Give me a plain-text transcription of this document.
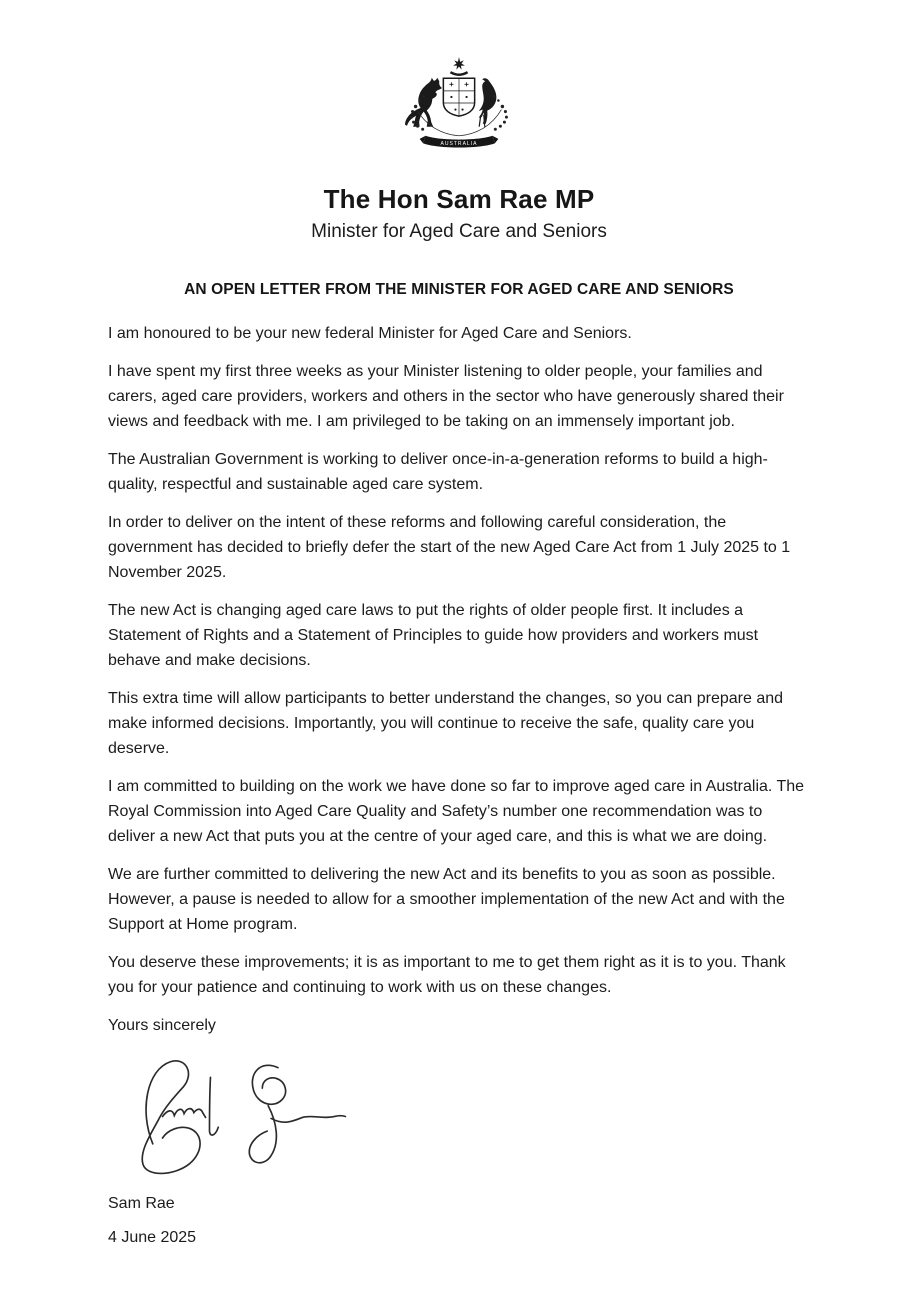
AUSTRALIA
The Hon Sam Rae MP
Minister for Aged Care and Seniors
AN OPEN LETTER FROM THE MINISTER FOR AGED CARE AND SENIORS

I am honoured to be your new federal Minister for Aged Care and Seniors.

I have spent my first three weeks as your Minister listening to older people, your families and carers, aged care providers, workers and others in the sector who have generously shared their views and feedback with me. I am privileged to be taking on an immensely important job.

The Australian Government is working to deliver once-in-a-generation reforms to build a high-quality, respectful and sustainable aged care system.

In order to deliver on the intent of these reforms and following careful consideration, the government has decided to briefly defer the start of the new Aged Care Act from 1 July 2025 to 1 November 2025.

The new Act is changing aged care laws to put the rights of older people first. It includes a Statement of Rights and a Statement of Principles to guide how providers and workers must behave and make decisions.

This extra time will allow participants to better understand the changes, so you can prepare and make informed decisions. Importantly, you will continue to receive the safe, quality care you deserve.

I am committed to building on the work we have done so far to improve aged care in Australia. The Royal Commission into Aged Care Quality and Safety’s number one recommendation was to deliver a new Act that puts you at the centre of your aged care, and this is what we are doing.

We are further committed to delivering the new Act and its benefits to you as soon as possible. However, a pause is needed to allow for a smoother implementation of the new Act and with the Support at Home program.

You deserve these improvements; it is as important to me to get them right as it is to you. Thank you for your patience and continuing to work with us on these changes.

Yours sincerely
Sam Rae
4 June 2025
